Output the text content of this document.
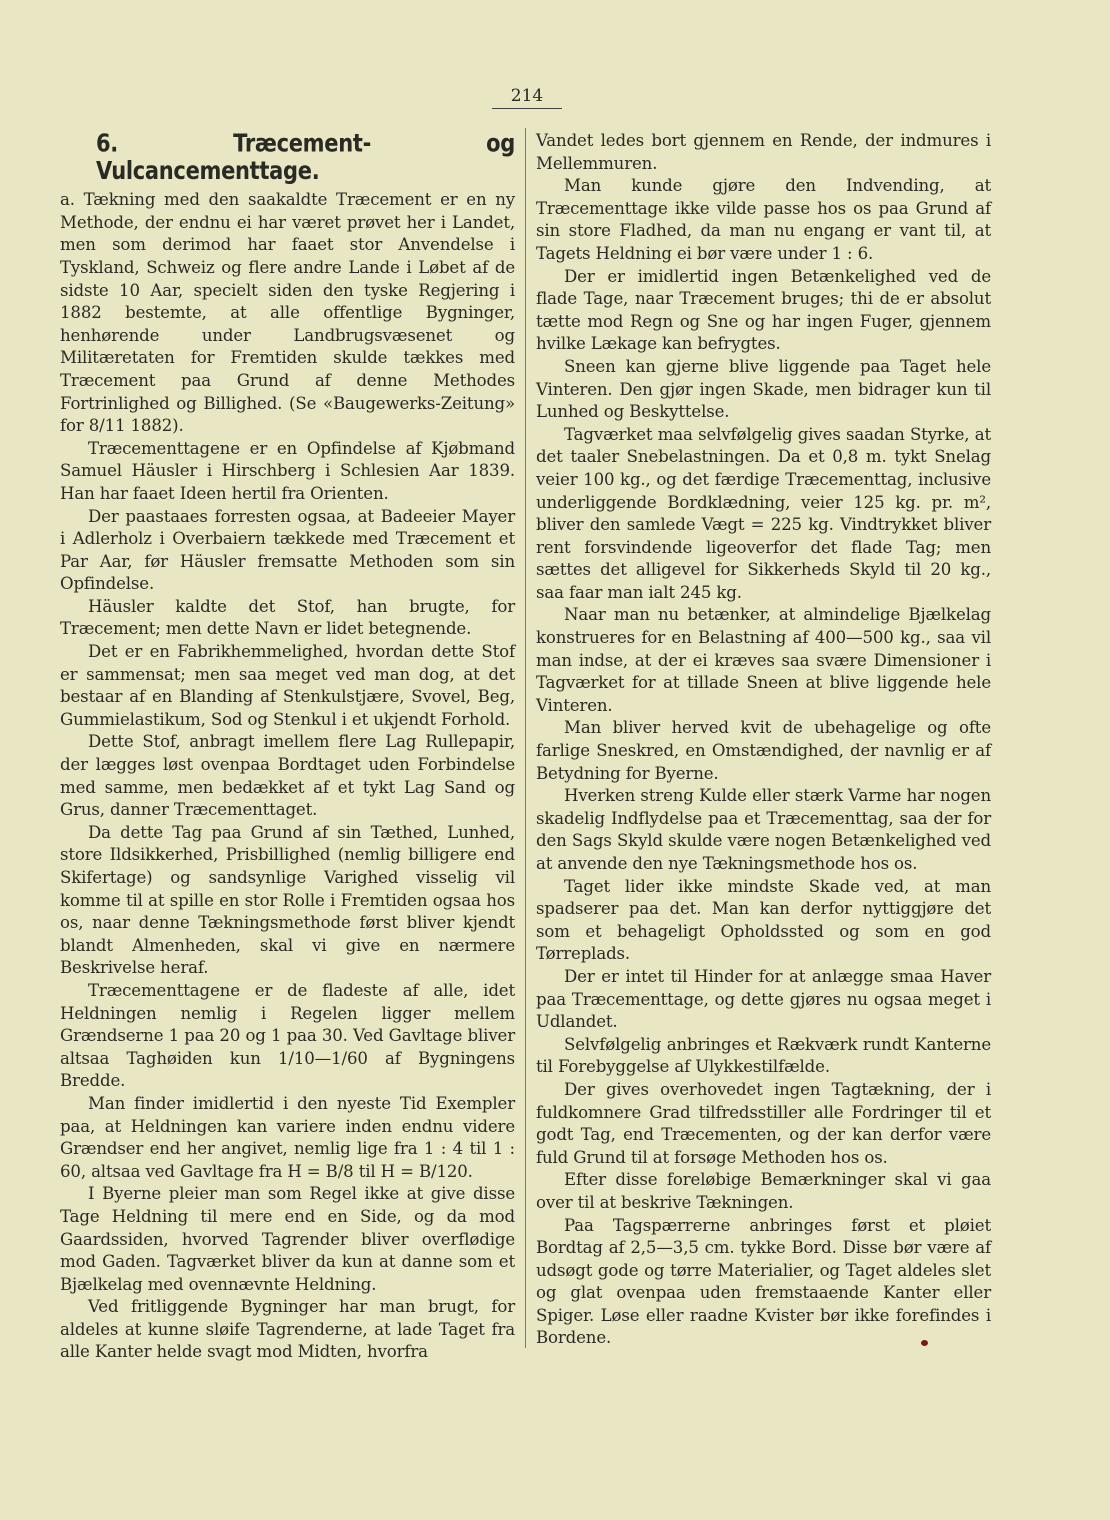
214
6. Træcement- og Vulcancementtage.

a. Tækning med den saakaldte Træcement er en ny Methode, der endnu ei har været prøvet her i Landet, men som derimod har faaet stor Anvendelse i Tyskland, Schweiz og flere andre Lande i Løbet af de sidste 10 Aar, specielt siden den tyske Regjering i 1882 bestemte, at alle offentlige Bygninger, henhørende under Landbrugsvæsenet og Militæretaten for Fremtiden skulde tækkes med Træcement paa Grund af denne Methodes Fortrinlighed og Billighed. (Se «Baugewerks-Zeitung» for 8/11 1882).

Træcementtagene er en Opfindelse af Kjøbmand Samuel Häusler i Hirschberg i Schlesien Aar 1839. Han har faaet Ideen hertil fra Orienten.

Der paastaaes forresten ogsaa, at Badeeier Mayer i Adlerholz i Overbaiern tækkede med Træcement et Par Aar, før Häusler fremsatte Methoden som sin Opfindelse.

Häusler kaldte det Stof, han brugte, for Træcement; men dette Navn er lidet betegnende.

Det er en Fabrikhemmelighed, hvordan dette Stof er sammensat; men saa meget ved man dog, at det bestaar af en Blanding af Stenkulstjære, Svovel, Beg, Gummielastikum, Sod og Stenkul i et ukjendt Forhold.

Dette Stof, anbragt imellem flere Lag Rullepapir, der lægges løst ovenpaa Bordtaget uden Forbindelse med samme, men bedækket af et tykt Lag Sand og Grus, danner Træcementtaget.

Da dette Tag paa Grund af sin Tæthed, Lunhed, store Ildsikkerhed, Prisbillighed (nemlig billigere end Skifertage) og sandsynlige Varighed visselig vil komme til at spille en stor Rolle i Fremtiden ogsaa hos os, naar denne Tækningsmethode først bliver kjendt blandt Almenheden, skal vi give en nærmere Beskrivelse heraf.

Træcementtagene er de fladeste af alle, idet Heldningen nemlig i Regelen ligger mellem Grændserne 1 paa 20 og 1 paa 30. Ved Gavltage bliver altsaa Taghøiden kun 1/10—1/60 af Bygningens Bredde.

Man finder imidlertid i den nyeste Tid Exempler paa, at Heldningen kan variere inden endnu videre Grændser end her angivet, nemlig lige fra 1 : 4 til 1 : 60, altsaa ved Gavltage fra H = B/8 til H = B/120.

I Byerne pleier man som Regel ikke at give disse Tage Heldning til mere end en Side, og da mod Gaardssiden, hvorved Tagrender bliver overflødige mod Gaden. Tagværket bliver da kun at danne som et Bjælkelag med ovennævnte Heldning.

Ved fritliggende Bygninger har man brugt, for aldeles at kunne sløife Tagrenderne, at lade Taget fra alle Kanter helde svagt mod Midten, hvorfra

Vandet ledes bort gjennem en Rende, der indmures i Mellemmuren.

Man kunde gjøre den Indvending, at Træcementtage ikke vilde passe hos os paa Grund af sin store Fladhed, da man nu engang er vant til, at Tagets Heldning ei bør være under 1 : 6.

Der er imidlertid ingen Betænkelighed ved de flade Tage, naar Træcement bruges; thi de er absolut tætte mod Regn og Sne og har ingen Fuger, gjennem hvilke Lækage kan befrygtes.

Sneen kan gjerne blive liggende paa Taget hele Vinteren. Den gjør ingen Skade, men bidrager kun til Lunhed og Beskyttelse.

Tagværket maa selvfølgelig gives saadan Styrke, at det taaler Snebelastningen. Da et 0,8 m. tykt Snelag veier 100 kg., og det færdige Træcementtag, inclusive underliggende Bordklædning, veier 125 kg. pr. m², bliver den samlede Vægt = 225 kg. Vindtrykket bliver rent forsvindende ligeoverfor det flade Tag; men sættes det alligevel for Sikkerheds Skyld til 20 kg., saa faar man ialt 245 kg.

Naar man nu betænker, at almindelige Bjælkelag konstrueres for en Belastning af 400—500 kg., saa vil man indse, at der ei kræves saa svære Dimensioner i Tagværket for at tillade Sneen at blive liggende hele Vinteren.

Man bliver herved kvit de ubehagelige og ofte farlige Sneskred, en Omstændighed, der navnlig er af Betydning for Byerne.

Hverken streng Kulde eller stærk Varme har nogen skadelig Indflydelse paa et Træcementtag, saa der for den Sags Skyld skulde være nogen Betænkelighed ved at anvende den nye Tækningsmethode hos os.

Taget lider ikke mindste Skade ved, at man spadserer paa det. Man kan derfor nyttiggjøre det som et behageligt Opholdssted og som en god Tørreplads.

Der er intet til Hinder for at anlægge smaa Haver paa Træcementtage, og dette gjøres nu ogsaa meget i Udlandet.

Selvfølgelig anbringes et Rækværk rundt Kanterne til Forebyggelse af Ulykkestilfælde.

Der gives overhovedet ingen Tagtækning, der i fuldkomnere Grad tilfredsstiller alle Fordringer til et godt Tag, end Træcementen, og der kan derfor være fuld Grund til at forsøge Methoden hos os.

Efter disse foreløbige Bemærkninger skal vi gaa over til at beskrive Tækningen.

Paa Tagspærrerne anbringes først et pløiet Bordtag af 2,5—3,5 cm. tykke Bord. Disse bør være af udsøgt gode og tørre Materialier, og Taget aldeles slet og glat ovenpaa uden fremstaaende Kanter eller Spiger. Løse eller raadne Kvister bør ikke forefindes i Bordene.
